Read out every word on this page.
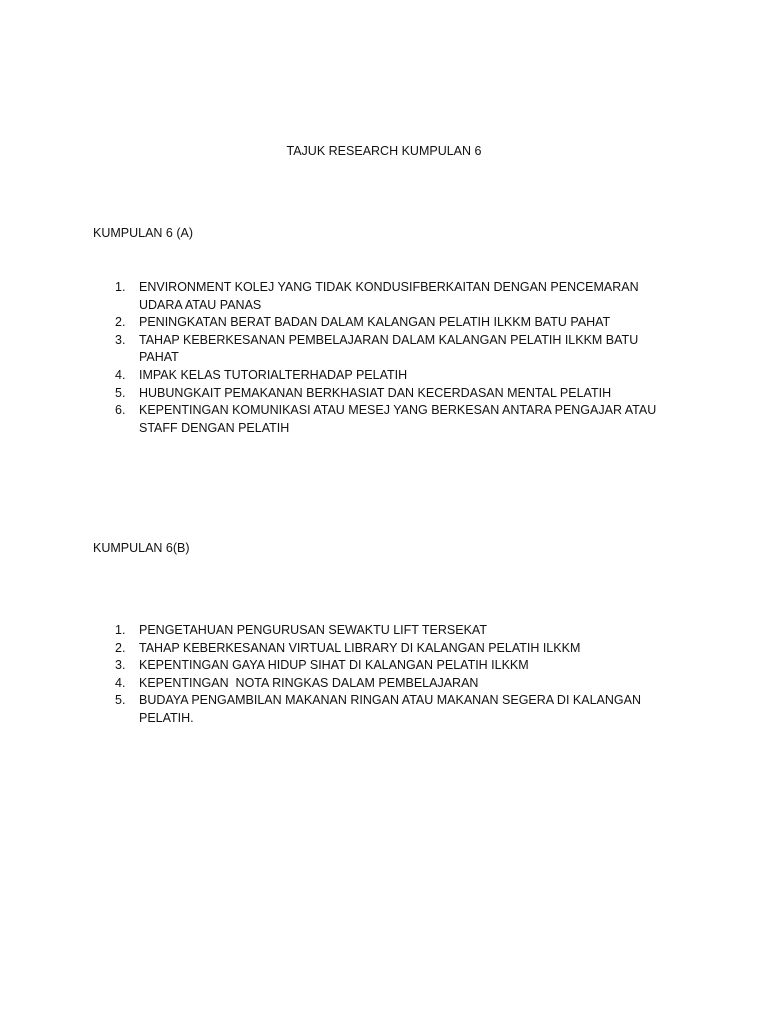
TAJUK RESEARCH KUMPULAN 6

KUMPULAN 6 (A)

1. ENVIRONMENT KOLEJ YANG TIDAK KONDUSIFBERKAITAN DENGAN PENCEMARAN UDARA ATAU PANAS
2. PENINGKATAN BERAT BADAN DALAM KALANGAN PELATIH ILKKM BATU PAHAT
3. TAHAP KEBERKESANAN PEMBELAJARAN DALAM KALANGAN PELATIH ILKKM BATU PAHAT
4. IMPAK KELAS TUTORIALTERHADAP PELATIH
5. HUBUNGKAIT PEMAKANAN BERKHASIAT DAN KECERDASAN MENTAL PELATIH
6. KEPENTINGAN KOMUNIKASI ATAU MESEJ YANG BERKESAN ANTARA PENGAJAR ATAU STAFF DENGAN PELATIH

KUMPULAN 6(B)

1. PENGETAHUAN PENGURUSAN SEWAKTU LIFT TERSEKAT
2. TAHAP KEBERKESANAN VIRTUAL LIBRARY DI KALANGAN PELATIH ILKKM
3. KEPENTINGAN GAYA HIDUP SIHAT DI KALANGAN PELATIH ILKKM
4. KEPENTINGAN  NOTA RINGKAS DALAM PEMBELAJARAN
5. BUDAYA PENGAMBILAN MAKANAN RINGAN ATAU MAKANAN SEGERA DI KALANGAN PELATIH.
